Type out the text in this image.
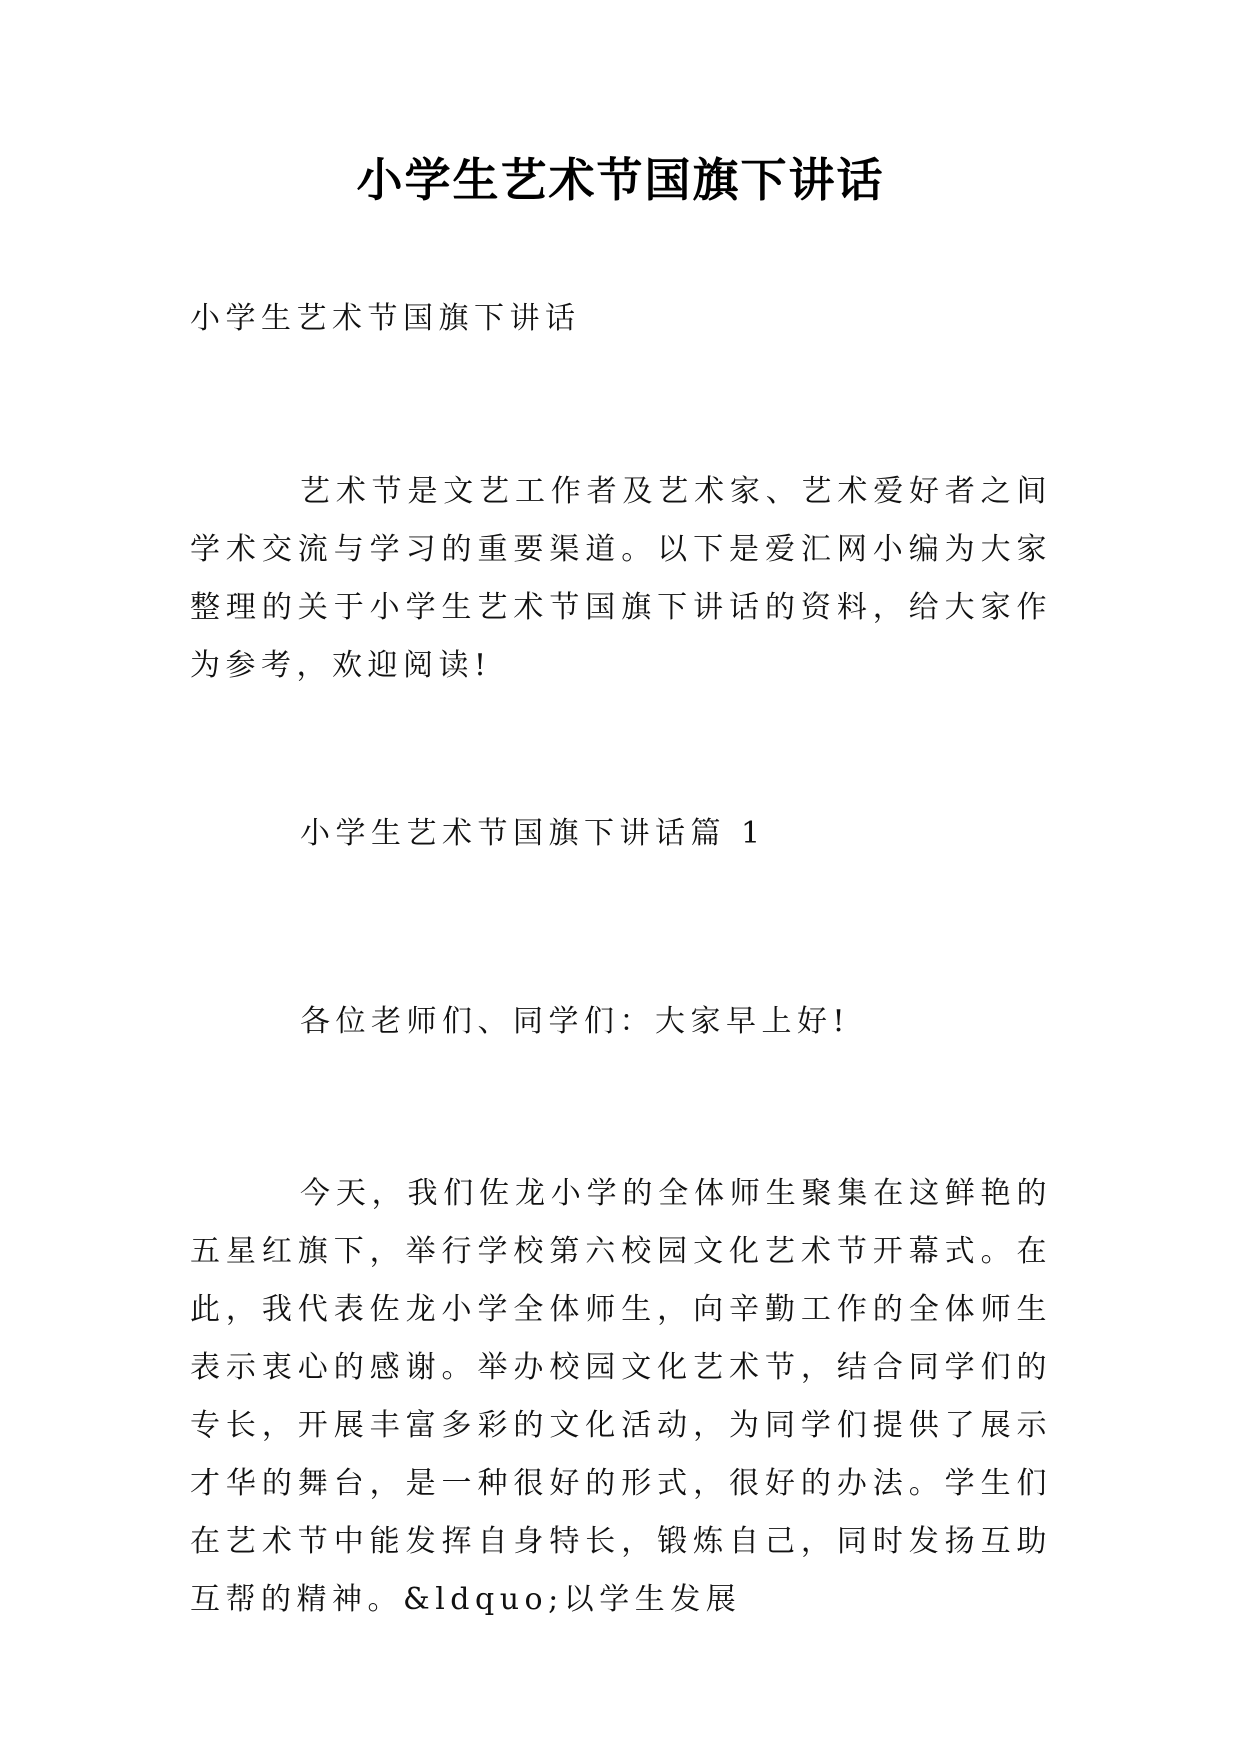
小学生艺术节国旗下讲话
小学生艺术节国旗下讲话
艺术节是文艺工作者及艺术家、艺术爱好者之间学术交流与学习的重要渠道。以下是爱汇网小编为大家整理的关于小学生艺术节国旗下讲话的资料，给大家作为参考，欢迎阅读!
小学生艺术节国旗下讲话篇 1
各位老师们、同学们：大家早上好!
今天，我们佐龙小学的全体师生聚集在这鲜艳的五星红旗下，举行学校第六校园文化艺术节开幕式。在此，我代表佐龙小学全体师生，向辛勤工作的全体师生表示衷心的感谢。举办校园文化艺术节，结合同学们的专长，开展丰富多彩的文化活动，为同学们提供了展示才华的舞台，是一种很好的形式，很好的办法。学生们在艺术节中能发挥自身特长，锻炼自己，同时发扬互助互帮的精神。&ldquo;以学生发展
